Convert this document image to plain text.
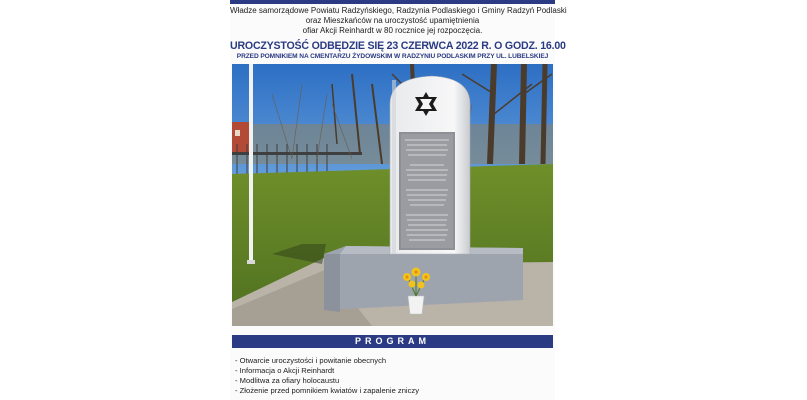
Władze samorządowe Powiatu Radzyńskiego, Radzynia Podlaskiego i Gminy Radzyń Podlaski
oraz Mieszkańców na uroczystość upamiętnienia
ofiar Akcji Reinhardt w 80 rocznice jej rozpoczęcia.
UROCZYSTOŚĆ ODBĘDZIE SIĘ 23 CZERWCA 2022 R. O GODZ. 16.00
PRZED POMNIKIEM NA CMENTARZU ŻYDOWSKIM W RADZYNIU PODLASKIM PRZY UL. LUBELSKIEJ
PROGRAM
- Otwarcie uroczystości i powitanie obecnych
- Informacja o Akcji Reinhardt
- Modlitwa za ofiary holocaustu
- Złożenie przed pomnikiem kwiatów i zapalenie zniczy
